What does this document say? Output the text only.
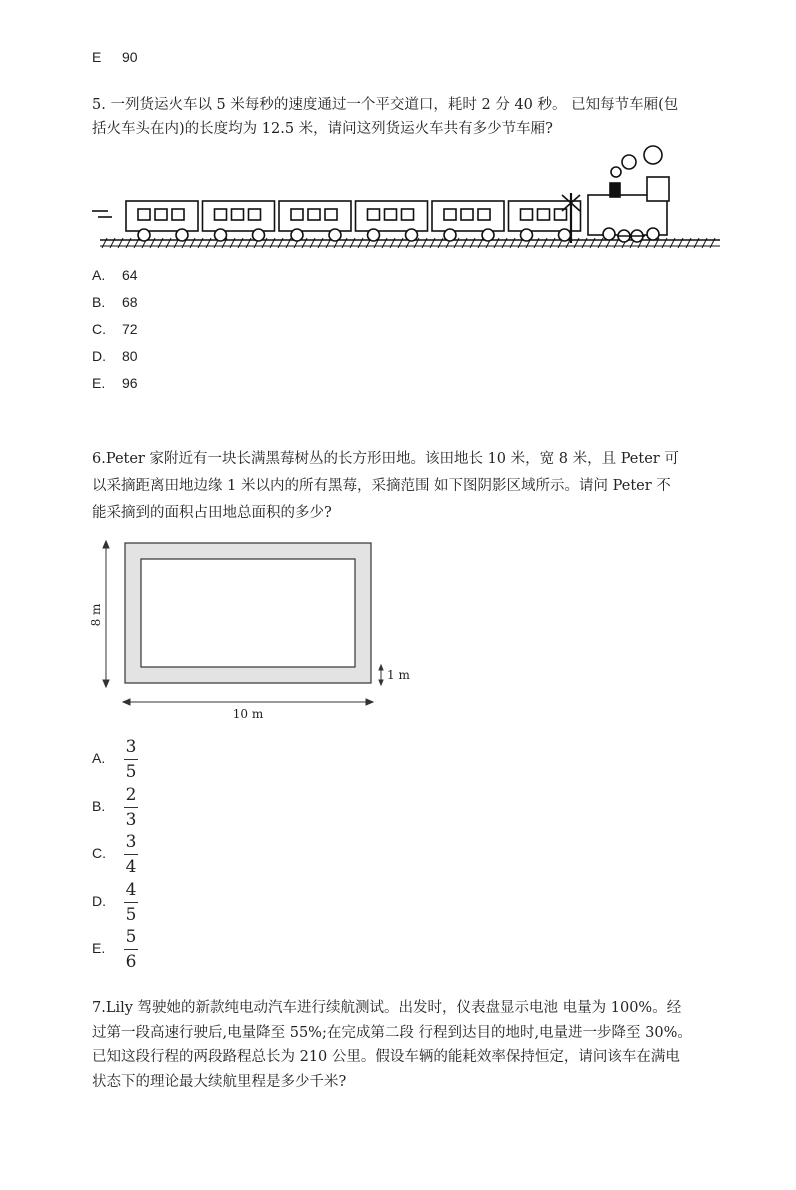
E 90
5. 一列货运火车以 5 米每秒的速度通过一个平交道口，耗时 2 分 40 秒。 已知每节车厢(包
括火车头在内)的长度均为 12.5 米，请问这列货运火车共有多少节车厢?
A. 64
B. 68
C. 72
D. 80
E. 96
6.Peter 家附近有一块长满黑莓树丛的长方形田地。该田地长 10 米，宽 8 米，且 Peter 可
以采摘距离田地边缘 1 米以内的所有黑莓，采摘范围 如下图阴影区域所示。请问 Peter 不
能采摘到的面积占田地总面积的多少?
8 m
10 m
1 m
A.
3
5
B.
2
3
C.
3
4
D.
4
5
E.
5
6
7.Lily 驾驶她的新款纯电动汽车进行续航测试。出发时，仪表盘显示电池 电量为 100%。经
过第一段高速行驶后,电量降至 55%;在完成第二段 行程到达目的地时,电量进一步降至 30%。
已知这段行程的两段路程总长为 210 公里。假设车辆的能耗效率保持恒定，请问该车在满电
状态下的理论最大续航里程是多少千米?
